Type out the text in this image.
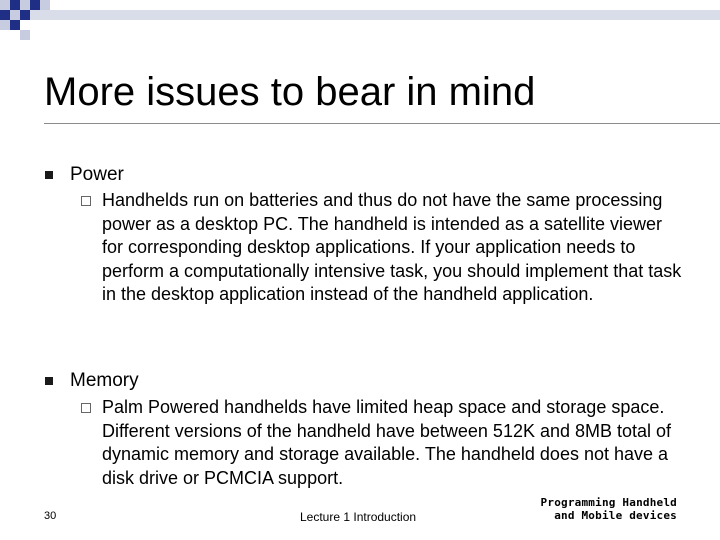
More issues to bear in mind
Power
Handhelds run on batteries and thus do not have the same processing power as a desktop PC. The handheld is intended as a satellite viewer for corresponding desktop applications. If your application needs to perform a computationally intensive task, you should implement that task in the desktop application instead of the handheld application.
Memory
Palm Powered handhelds have limited heap space and storage space. Different versions of the handheld have between 512K and 8MB total of dynamic memory and storage available. The handheld does not have a disk drive or PCMCIA support.
30	Lecture 1 Introduction
Programming Handheld
and Mobile devices
